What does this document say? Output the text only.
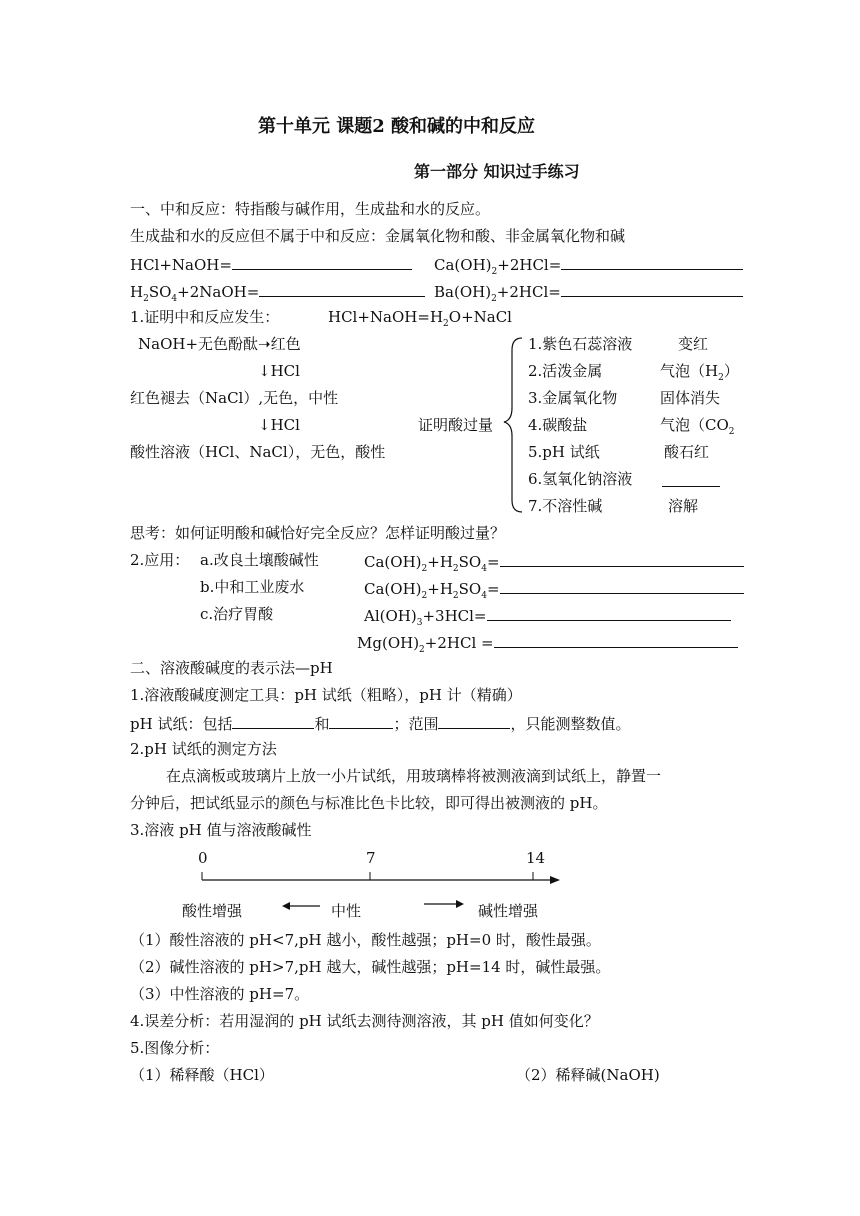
第十单元 课题2 酸和碱的中和反应
第一部分 知识过手练习
一、中和反应：特指酸与碱作用，生成盐和水的反应。
生成盐和水的反应但不属于中和反应：金属氧化物和酸、非金属氧化物和碱
HCl+NaOH=	$Ca(OH)_2+2HCl=$
$H_2SO_4+2NaOH=$	$Ba(OH)_2+2HCl=$
1.证明中和反应发生：	$HCl+NaOH=H_2O+NaCl$
NaOH+无色酚酞➝红色
↓HCl
红色褪去（NaCl）,无色，中性
↓HCl
酸性溶液（HCl、NaCl），无色，酸性
证明酸过量
1.紫色石蕊溶液	变红
2.活泼金属	气泡$(H_2)$
3.金属氧化物	固体消失
4.碳酸盐	气泡（$CO_2$
5.pH 试纸	酸石红
6.氢氧化钠溶液
7.不溶性碱	溶解
思考：如何证明酸和碱恰好完全反应？怎样证明酸过量？
2.应用： a.改良土壤酸碱性	$Ca(OH)_2+H_2SO_4=$
b.中和工业废水	$Ca(OH)_2+H_2SO_4=$
c.治疗胃酸	$Al(OH)_3+3HCl=$
$Mg(OH)_2+2HCl$ =
二、溶液酸碱度的表示法—pH
1.溶液酸碱度测定工具：pH 试纸（粗略），pH 计（精确）
pH 试纸：包括	和	；范围	，只能测整数值。
2.pH 试纸的测定方法
在点滴板或玻璃片上放一小片试纸，用玻璃棒将被测液滴到试纸上，静置一
分钟后，把试纸显示的颜色与标准比色卡比较，即可得出被测液的 pH。
3.溶液 pH 值与溶液酸碱性
0	7	14
酸性增强	中性	碱性增强
（1）酸性溶液的 pH<7,pH 越小，酸性越强；pH=0 时，酸性最强。
（2）碱性溶液的 pH>7,pH 越大，碱性越强；pH=14 时，碱性最强。
（3）中性溶液的 pH=7。
4.误差分析：若用湿润的 pH 试纸去测待测溶液，其 pH 值如何变化？
5.图像分析：
（1）稀释酸（HCl）	（2）稀释碱(NaOH)
